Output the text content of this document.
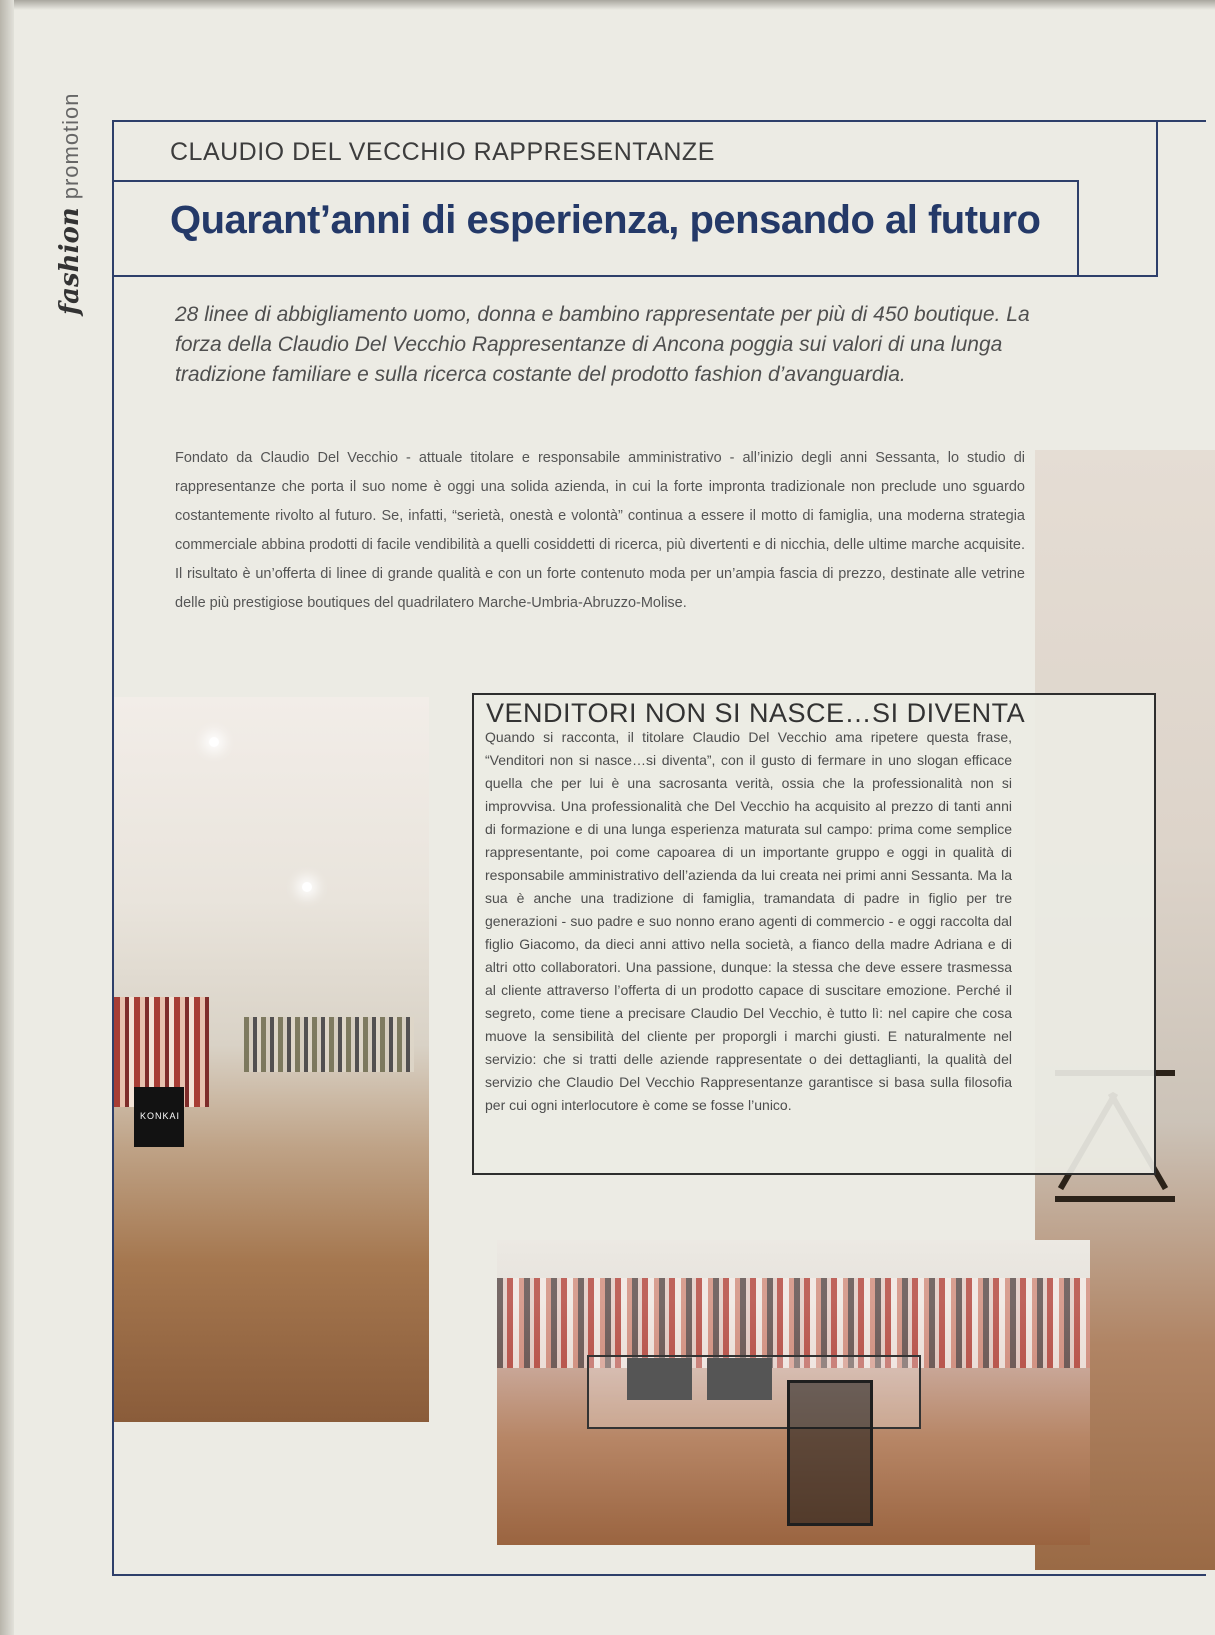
fashionpromotion	CLAUDIO DEL VECCHIO RAPPRESENTANZE
Quarant’anni di esperienza, pensando al futuro

28 linee di abbigliamento uomo, donna e bambino rappresentate per più di 450 boutique. La forza della Claudio Del Vecchio Rappresentanze di Ancona poggia sui valori di una lunga tradizione familiare e sulla ricerca costante del prodotto fashion d’avanguardia.

Fondato da Claudio Del Vecchio - attuale titolare e responsabile amministrativo - all’inizio degli anni Sessanta, lo studio di rappresentanze che porta il suo nome è oggi una solida azienda, in cui la forte impronta tradizionale non preclude uno sguardo costantemente rivolto al futuro. Se, infatti, “serietà, onestà e volontà” continua a essere il motto di famiglia, una moderna strategia commerciale abbina prodotti di facile vendibilità a quelli cosiddetti di ricerca, più divertenti e di nicchia, delle ultime marche acquisite. Il risultato è un’offerta di linee di grande qualità e con un forte contenuto moda per un’ampia fascia di prezzo, destinate alle vetrine delle più prestigiose boutiques del quadrilatero Marche-Umbria-Abruzzo-Molise.

KONKAI
VENDITORI NON SI NASCE…SI DIVENTA

Quando si racconta, il titolare Claudio Del Vecchio ama ripetere questa frase, “Venditori non si nasce…si diventa”, con il gusto di fermare in uno slogan efficace quella che per lui è una sacrosanta verità, ossia che la professionalità non si improvvisa. Una professionalità che Del Vecchio ha acquisito al prezzo di tanti anni di formazione e di una lunga esperienza maturata sul campo: prima come semplice rappresentante, poi come capoarea di un importante gruppo e oggi in qualità di responsabile amministrativo dell’azienda da lui creata nei primi anni Sessanta. Ma la sua è anche una tradizione di famiglia, tramandata di padre in figlio per tre generazioni - suo padre e suo nonno erano agenti di commercio - e oggi raccolta dal figlio Giacomo, da dieci anni attivo nella società, a fianco della madre Adriana e di altri otto collaboratori. Una passione, dunque: la stessa che deve essere trasmessa al cliente attraverso l’offerta di un prodotto capace di suscitare emozione. Perché il segreto, come tiene a precisare Claudio Del Vecchio, è tutto lì: nel capire che cosa muove la sensibilità del cliente per proporgli i marchi giusti. E naturalmente nel servizio: che si tratti delle aziende rappresentate o dei dettaglianti, la qualità del servizio che Claudio Del Vecchio Rappresentanze garantisce si basa sulla filosofia per cui ogni interlocutore è come se fosse l’unico.
